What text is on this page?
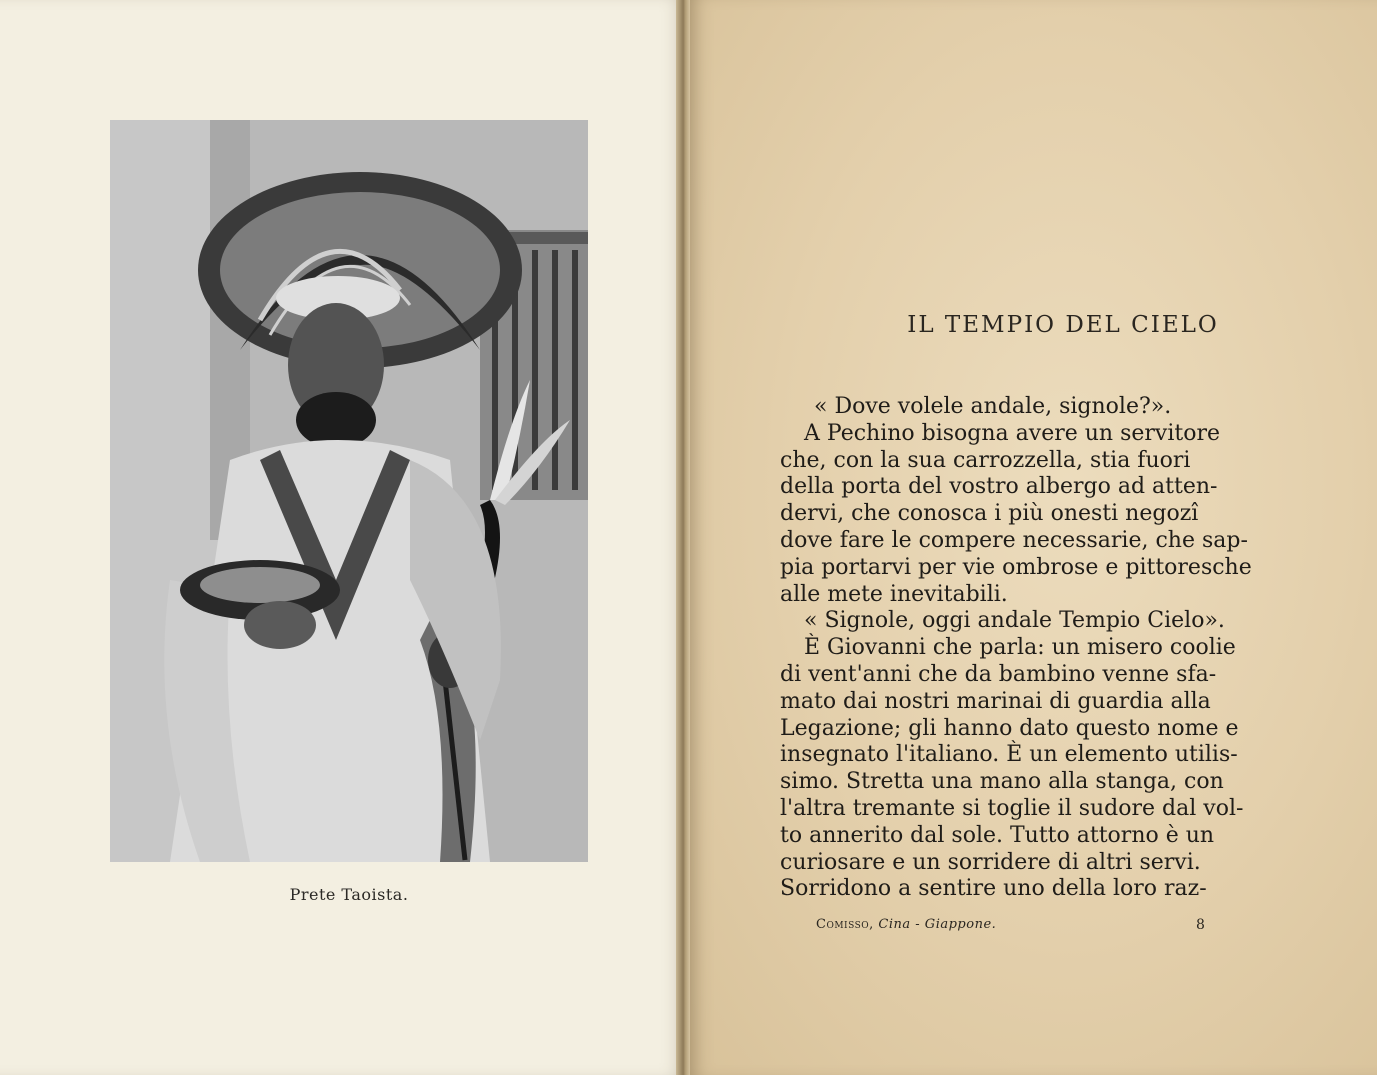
Prete Taoista.
IL TEMPIO DEL CIELO
« Dove volele andale, signole?».
A Pechino bisogna avere un servitore
che, con la sua carrozzella, stia fuori
della porta del vostro albergo ad atten-
dervi, che conosca i più onesti negozî
dove fare le compere necessarie, che sap-
pia portarvi per vie ombrose e pittoresche
alle mete inevitabili.
« Signole, oggi andale Tempio Cielo».
È Giovanni che parla: un misero coolie
di vent'anni che da bambino venne sfa-
mato dai nostri marinai di guardia alla
Legazione; gli hanno dato questo nome e
insegnato l'italiano. È un elemento utilis-
simo. Stretta una mano alla stanga, con
l'altra tremante si toglie il sudore dal vol-
to annerito dal sole. Tutto attorno è un
curiosare e un sorridere di altri servi.
Sorridono a sentire uno della loro raz-
Comisso, Cina - Giappone.	8
